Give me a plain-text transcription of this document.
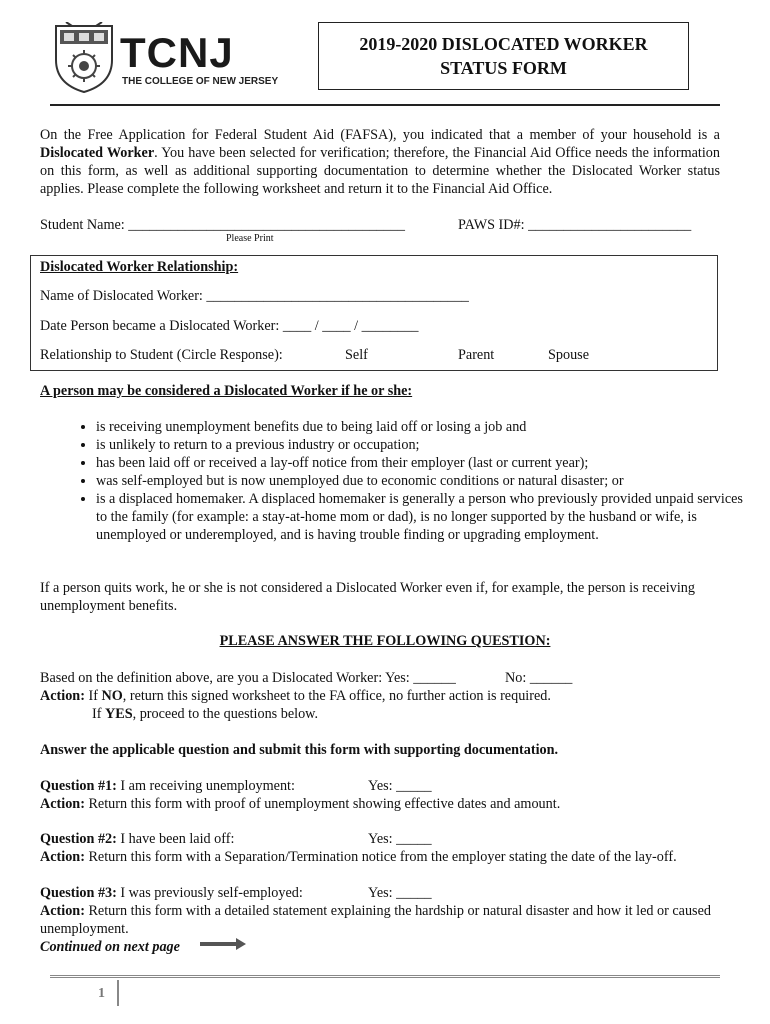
TCNJ
THE COLLEGE OF NEW JERSEY
2019-2020 DISLOCATED WORKER
STATUS FORM
On the Free Application for Federal Student Aid (FAFSA), you indicated that a member of your household is a Dislocated Worker. You have been selected for verification; therefore, the Financial Aid Office needs the information on this form, as well as additional supporting documentation to determine whether the Dislocated Worker status applies. Please complete the following worksheet and return it to the Financial Aid Office.
Student Name: _______________________________________
Please Print
PAWS ID#: _______________________
Dislocated Worker Relationship:
Name of Dislocated Worker: _____________________________________
Date Person became a Dislocated Worker: ____ / ____ / ________
Relationship to Student (Circle Response):	Self	Parent	Spouse
A person may be considered a Dislocated Worker if he or she:
• is receiving unemployment benefits due to being laid off or losing a job and
• is unlikely to return to a previous industry or occupation;
• has been laid off or received a lay-off notice from their employer (last or current year);
• was self-employed but is now unemployed due to economic conditions or natural disaster; or
• is a displaced homemaker. A displaced homemaker is generally a person who previously provided unpaid services to the family (for example: a stay-at-home mom or dad), is no longer supported by the husband or wife, is unemployed or underemployed, and is having trouble finding or upgrading employment.
If a person quits work, he or she is not considered a Dislocated Worker even if, for example, the person is receiving unemployment benefits.
PLEASE ANSWER THE FOLLOWING QUESTION:
Based on the definition above, are you a Dislocated Worker: Yes: ______	No: ______
Action: If NO, return this signed worksheet to the FA office, no further action is required.
If YES, proceed to the questions below.
Answer the applicable question and submit this form with supporting documentation.
Question #1: I am receiving unemployment:	Yes: _____
Action: Return this form with proof of unemployment showing effective dates and amount.
Question #2: I have been laid off:	Yes: _____
Action: Return this form with a Separation/Termination notice from the employer stating the date of the lay-off.
Question #3: I was previously self-employed:	Yes: _____
Action: Return this form with a detailed statement explaining the hardship or natural disaster and how it led or caused unemployment.
Continued on next page
1
